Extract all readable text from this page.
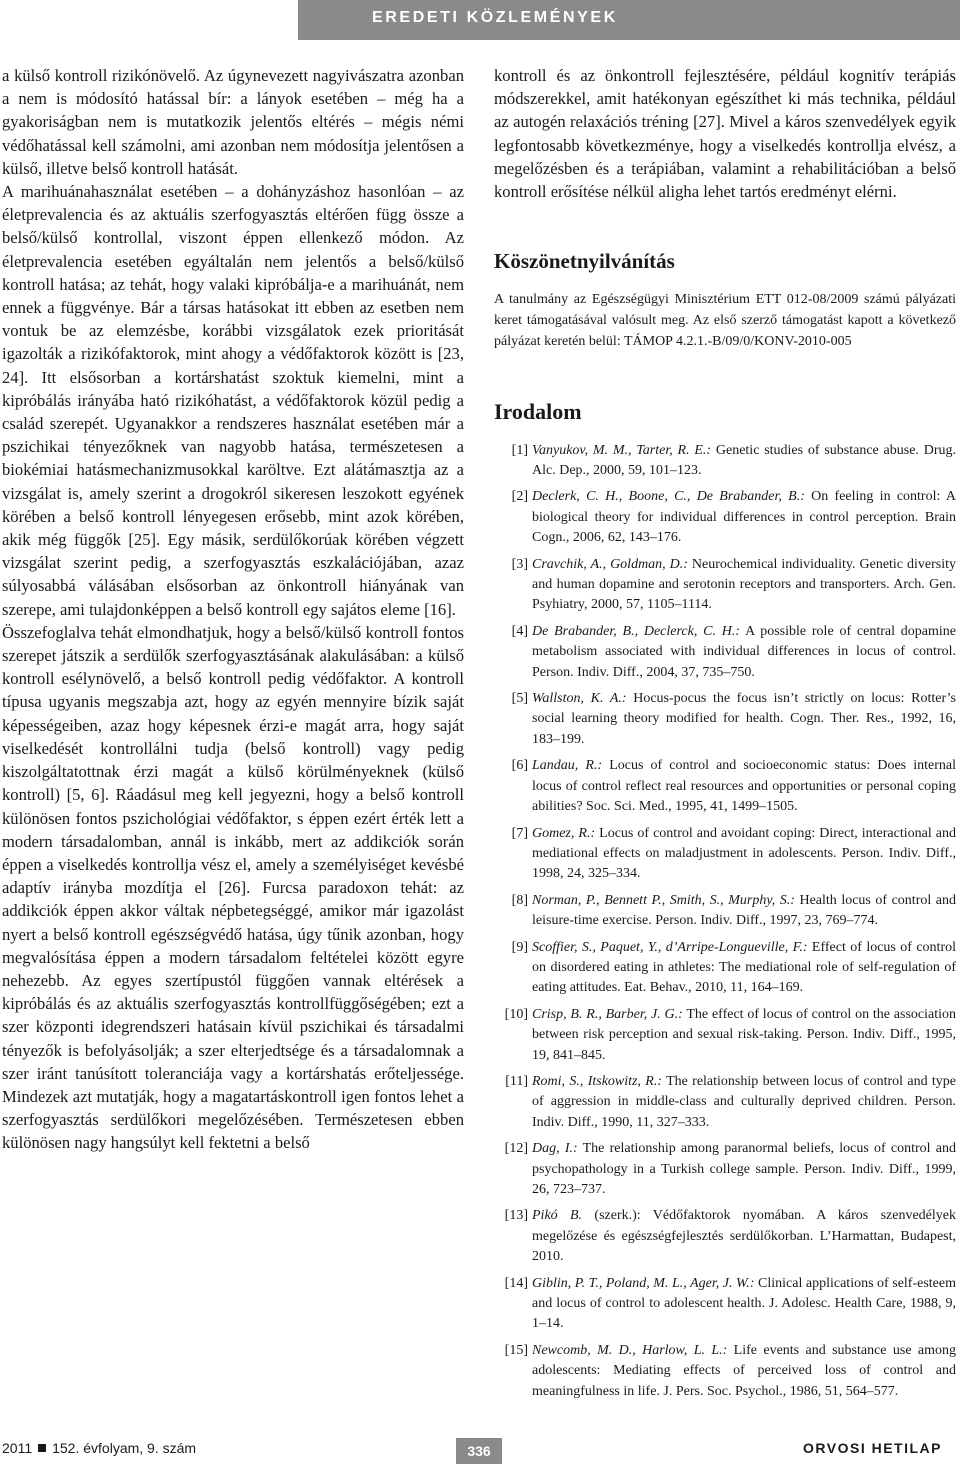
EREDETI KÖZLEMÉNYEK

a külső kontroll rizikónövelő. Az úgynevezett nagyivászatra azonban a nem is módosító hatással bír: a lányok esetében – még ha a gyakoriságban nem is mutatkozik jelentős eltérés – mégis némi védőhatással kell számolni, ami azonban nem módosítja jelentősen a külső, illetve belső kontroll hatását.

A marihuánahasználat esetében – a dohányzáshoz hasonlóan – az életprevalencia és az aktuális szerfogyasztás eltérően függ össze a belső/külső kontrollal, viszont éppen ellenkező módon. Az életprevalencia esetében egyáltalán nem jelentős a belső/külső kontroll hatása; az tehát, hogy valaki kipróbálja-e a marihuánát, nem ennek a függvénye. Bár a társas hatásokat itt ebben az esetben nem vontuk be az elemzésbe, korábbi vizsgálatok ezek prioritását igazolták a rizikófaktorok, mint ahogy a védőfaktorok között is [23, 24]. Itt elsősorban a kortárshatást szoktuk kiemelni, mint a kipróbálás irányába ható rizikóhatást, a védőfaktorok közül pedig a család szerepét. Ugyanakkor a rendszeres használat esetében már a pszichikai tényezőknek van nagyobb hatása, természetesen a biokémiai hatásmechanizmusokkal karöltve. Ezt alátámasztja az a vizsgálat is, amely szerint a drogokról sikeresen leszokott egyének körében a belső kontroll lényegesen erősebb, mint azok körében, akik még függők [25]. Egy másik, serdülőkorúak körében végzett vizsgálat szerint pedig, a szerfogyasztás eszkalációjában, azaz súlyosabbá válásában elsősorban az önkontroll hiányának van szerepe, ami tulajdonképpen a belső kontroll egy sajátos eleme [16].

Összefoglalva tehát elmondhatjuk, hogy a belső/külső kontroll fontos szerepet játszik a serdülők szerfogyasztásának alakulásában: a külső kontroll esélynövelő, a belső kontroll pedig védőfaktor. A kontroll típusa ugyanis megszabja azt, hogy az egyén mennyire bízik saját képességeiben, azaz hogy képesnek érzi-e magát arra, hogy saját viselkedését kontrollálni tudja (belső kontroll) vagy pedig kiszolgáltatottnak érzi magát a külső körülményeknek (külső kontroll) [5, 6]. Ráadásul meg kell jegyezni, hogy a belső kontroll különösen fontos pszichológiai védőfaktor, s éppen ezért érték lett a modern társadalomban, annál is inkább, mert az addikciók során éppen a viselkedés kontrollja vész el, amely a személyiséget kevésbé adaptív irányba mozdítja el [26]. Furcsa paradoxon tehát: az addikciók éppen akkor váltak népbetegséggé, amikor már igazolást nyert a belső kontroll egészségvédő hatása, úgy tűnik azonban, hogy megvalósítása éppen a modern társadalom feltételei között egyre nehezebb. Az egyes szertípustól függően vannak eltérések a kipróbálás és az aktuális szerfogyasztás kontrollfüggőségében; ezt a szer központi idegrendszeri hatásain kívül pszichikai és társadalmi tényezők is befolyásolják; a szer elterjedtsége és a társadalomnak a szer iránt tanúsított toleranciája vagy a kortárshatás erőteljessége. Mindezek azt mutatják, hogy a magatartáskontroll igen fontos lehet a szerfogyasztás serdülőkori megelőzésében. Természetesen ebben különösen nagy hangsúlyt kell fektetni a belső

kontroll és az önkontroll fejlesztésére, például kognitív terápiás módszerekkel, amit hatékonyan egészíthet ki más technika, például az autogén relaxációs tréning [27]. Mivel a káros szenvedélyek egyik legfontosabb következménye, hogy a viselkedés kontrollja elvész, a megelőzésben és a terápiában, valamint a rehabilitációban a belső kontroll erősítése nélkül aligha lehet tartós eredményt elérni.

Köszönetnyilvánítás

A tanulmány az Egészségügyi Minisztérium ETT 012-08/2009 számú pályázati keret támogatásával valósult meg. Az első szerző támogatást kapott a következő pályázat keretén belül: TÁMOP 4.2.1.-B/09/0/KONV-2010-005

Irodalom
[1] Vanyukov, M. M., Tarter, R. E.: Genetic studies of substance abuse. Drug. Alc. Dep., 2000, 59, 101–123.
[2] Declerk, C. H., Boone, C., De Brabander, B.: On feeling in control: A biological theory for individual differences in control perception. Brain Cogn., 2006, 62, 143–176.
[3] Cravchik, A., Goldman, D.: Neurochemical individuality. Genetic diversity and human dopamine and serotonin receptors and transporters. Arch. Gen. Psyhiatry, 2000, 57, 1105–1114.
[4] De Brabander, B., Declerck, C. H.: A possible role of central dopamine metabolism associated with individual differences in locus of control. Person. Indiv. Diff., 2004, 37, 735–750.
[5] Wallston, K. A.: Hocus-pocus the focus isn’t strictly on locus: Rotter’s social learning theory modified for health. Cogn. Ther. Res., 1992, 16, 183–199.
[6] Landau, R.: Locus of control and socioeconomic status: Does internal locus of control reflect real resources and opportunities or personal coping abilities? Soc. Sci. Med., 1995, 41, 1499–1505.
[7] Gomez, R.: Locus of control and avoidant coping: Direct, interactional and mediational effects on maladjustment in adolescents. Person. Indiv. Diff., 1998, 24, 325–334.
[8] Norman, P., Bennett P., Smith, S., Murphy, S.: Health locus of control and leisure-time exercise. Person. Indiv. Diff., 1997, 23, 769–774.
[9] Scoffier, S., Paquet, Y., d’Arripe-Longueville, F.: Effect of locus of control on disordered eating in athletes: The mediational role of self-regulation of eating attitudes. Eat. Behav., 2010, 11, 164–169.
[10] Crisp, B. R., Barber, J. G.: The effect of locus of control on the association between risk perception and sexual risk-taking. Person. Indiv. Diff., 1995, 19, 841–845.
[11] Romi, S., Itskowitz, R.: The relationship between locus of control and type of aggression in middle-class and culturally deprived children. Person. Indiv. Diff., 1990, 11, 327–333.
[12] Dag, I.: The relationship among paranormal beliefs, locus of control and psychopathology in a Turkish college sample. Person. Indiv. Diff., 1999, 26, 723–737.
[13] Pikó B. (szerk.): Védőfaktorok nyomában. A káros szenvedélyek megelőzése és egészségfejlesztés serdülőkorban. L’Harmattan, Budapest, 2010.
[14] Giblin, P. T., Poland, M. L., Ager, J. W.: Clinical applications of self-esteem and locus of control to adolescent health. J. Adolesc. Health Care, 1988, 9, 1–14.
[15] Newcomb, M. D., Harlow, L. L.: Life events and substance use among adolescents: Mediating effects of perceived loss of control and meaningfulness in life. J. Pers. Soc. Psychol., 1986, 51, 564–577.
2011 152. évfolyam, 9. szám	336	ORVOSI HETILAP
